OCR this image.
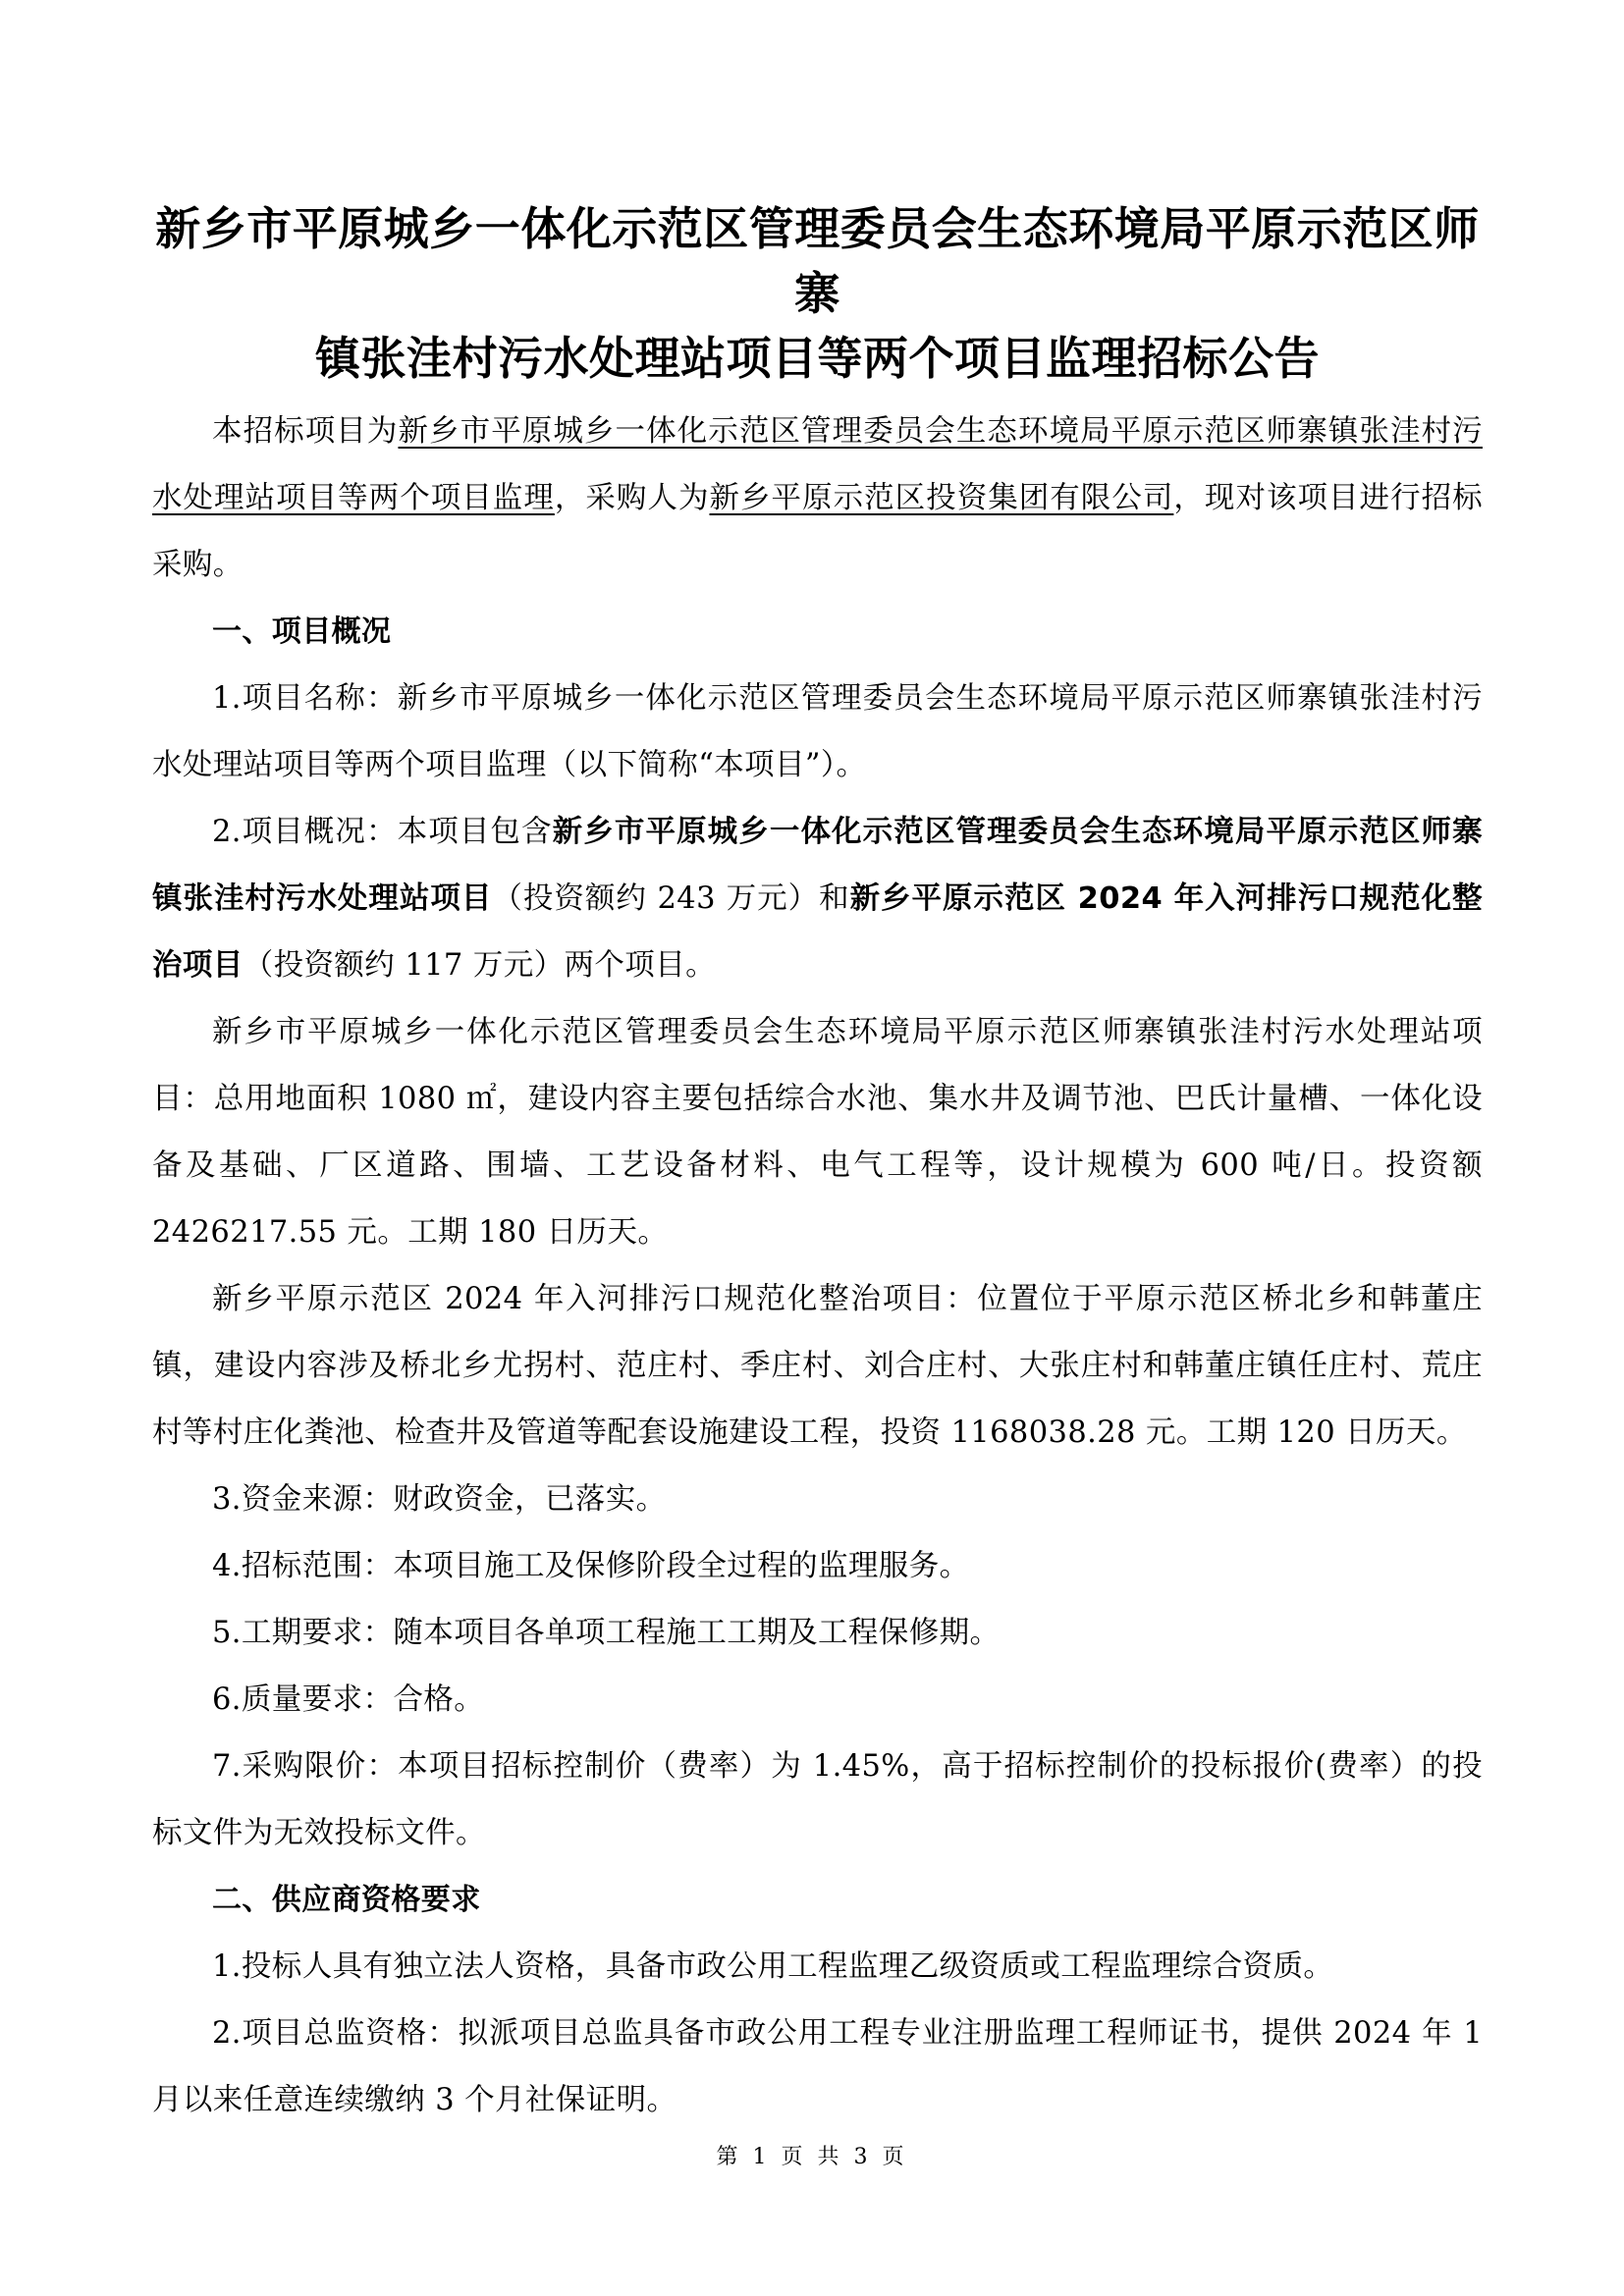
新乡市平原城乡一体化示范区管理委员会生态环境局平原示范区师寨
镇张洼村污水处理站项目等两个项目监理招标公告

本招标项目为新乡市平原城乡一体化示范区管理委员会生态环境局平原示范区师寨镇张洼村污水处理站项目等两个项目监理，采购人为新乡平原示范区投资集团有限公司，现对该项目进行招标采购。

一、项目概况

1.项目名称：新乡市平原城乡一体化示范区管理委员会生态环境局平原示范区师寨镇张洼村污水处理站项目等两个项目监理（以下简称“本项目”）。

2.项目概况：本项目包含新乡市平原城乡一体化示范区管理委员会生态环境局平原示范区师寨镇张洼村污水处理站项目（投资额约 243 万元）和新乡平原示范区 2024 年入河排污口规范化整治项目（投资额约 117 万元）两个项目。

新乡市平原城乡一体化示范区管理委员会生态环境局平原示范区师寨镇张洼村污水处理站项目：总用地面积 1080 ㎡，建设内容主要包括综合水池、集水井及调节池、巴氏计量槽、一体化设备及基础、厂区道路、围墙、工艺设备材料、电气工程等，设计规模为 600 吨/日。投资额 2426217.55 元。工期 180 日历天。

新乡平原示范区 2024 年入河排污口规范化整治项目：位置位于平原示范区桥北乡和韩董庄镇，建设内容涉及桥北乡尤拐村、范庄村、季庄村、刘合庄村、大张庄村和韩董庄镇任庄村、荒庄村等村庄化粪池、检查井及管道等配套设施建设工程，投资 1168038.28 元。工期 120 日历天。

3.资金来源：财政资金，已落实。

4.招标范围：本项目施工及保修阶段全过程的监理服务。

5.工期要求：随本项目各单项工程施工工期及工程保修期。

6.质量要求：合格。

7.采购限价：本项目招标控制价（费率）为 1.45%，高于招标控制价的投标报价(费率）的投标文件为无效投标文件。

二、供应商资格要求

1.投标人具有独立法人资格，具备市政公用工程监理乙级资质或工程监理综合资质。

2.项目总监资格：拟派项目总监具备市政公用工程专业注册监理工程师证书，提供 2024 年 1 月以来任意连续缴纳 3 个月社保证明。

第 1 页 共 3 页
